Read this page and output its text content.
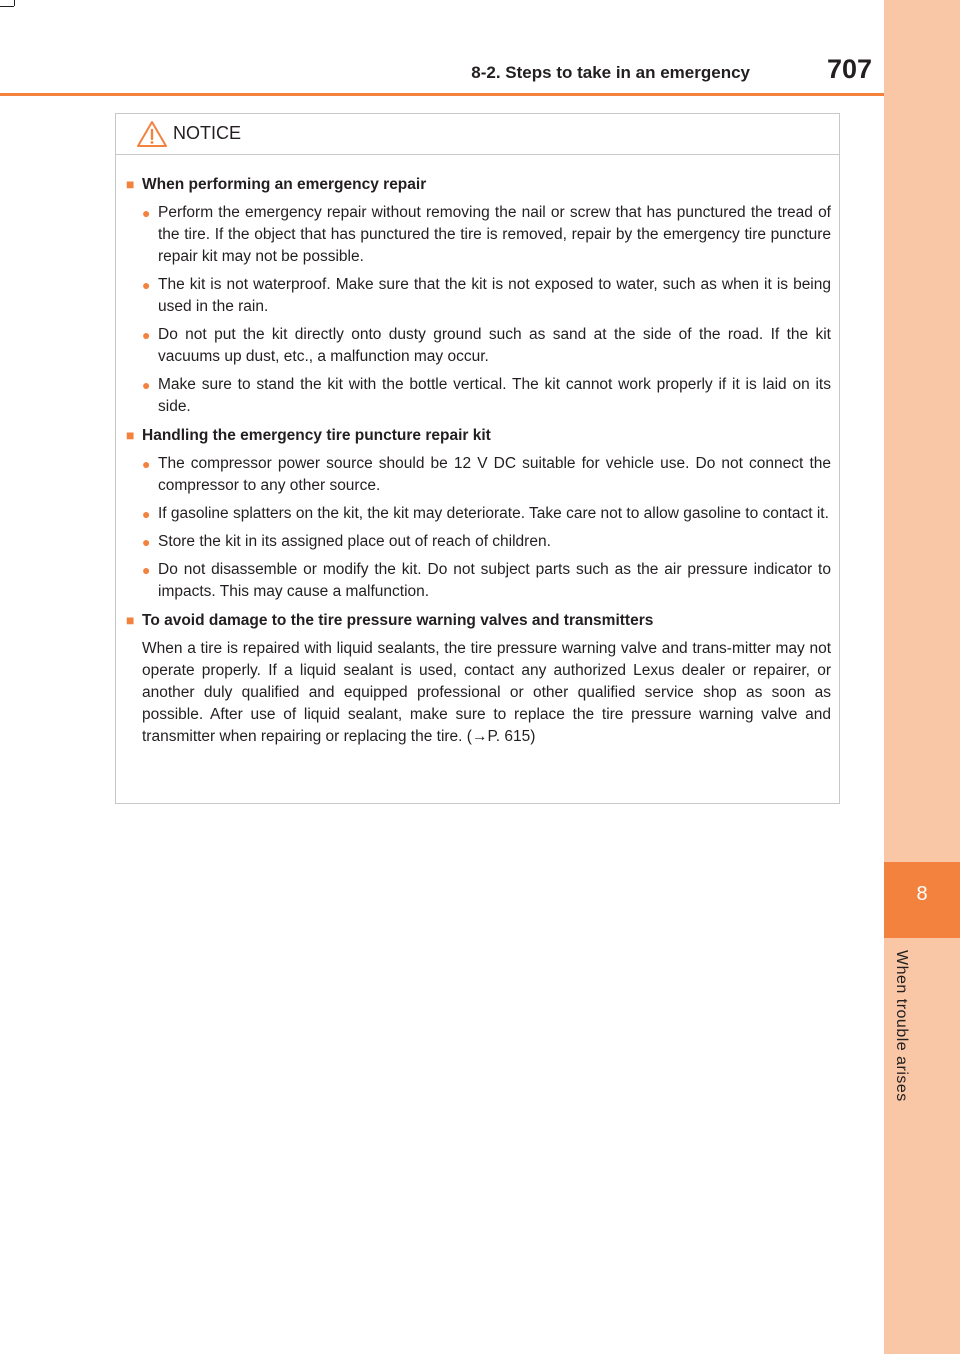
8
When trouble arises
8-2. Steps to take in an emergency	707
NOTICE
■ When performing an emergency repair
● Perform the emergency repair without removing the nail or screw that has punctured the tread of the tire. If the object that has punctured the tire is removed, repair by the emergency tire puncture repair kit may not be possible.
● The kit is not waterproof. Make sure that the kit is not exposed to water, such as when it is being used in the rain.
● Do not put the kit directly onto dusty ground such as sand at the side of the road. If the kit vacuums up dust, etc., a malfunction may occur.
● Make sure to stand the kit with the bottle vertical. The kit cannot work properly if it is laid on its side.
■ Handling the emergency tire puncture repair kit
● The compressor power source should be 12 V DC suitable for vehicle use. Do not connect the compressor to any other source.
● If gasoline splatters on the kit, the kit may deteriorate. Take care not to allow gasoline to contact it.
● Store the kit in its assigned place out of reach of children.
● Do not disassemble or modify the kit. Do not subject parts such as the air pressure indicator to impacts. This may cause a malfunction.
■ To avoid damage to the tire pressure warning valves and transmitters
When a tire is repaired with liquid sealants, the tire pressure warning valve and trans-mitter may not operate properly. If a liquid sealant is used, contact any authorized Lexus dealer or repairer, or another duly qualified and equipped professional or other qualified service shop as soon as possible. After use of liquid sealant, make sure to replace the tire pressure warning valve and transmitter when repairing or replacing the tire. (→P. 615)
